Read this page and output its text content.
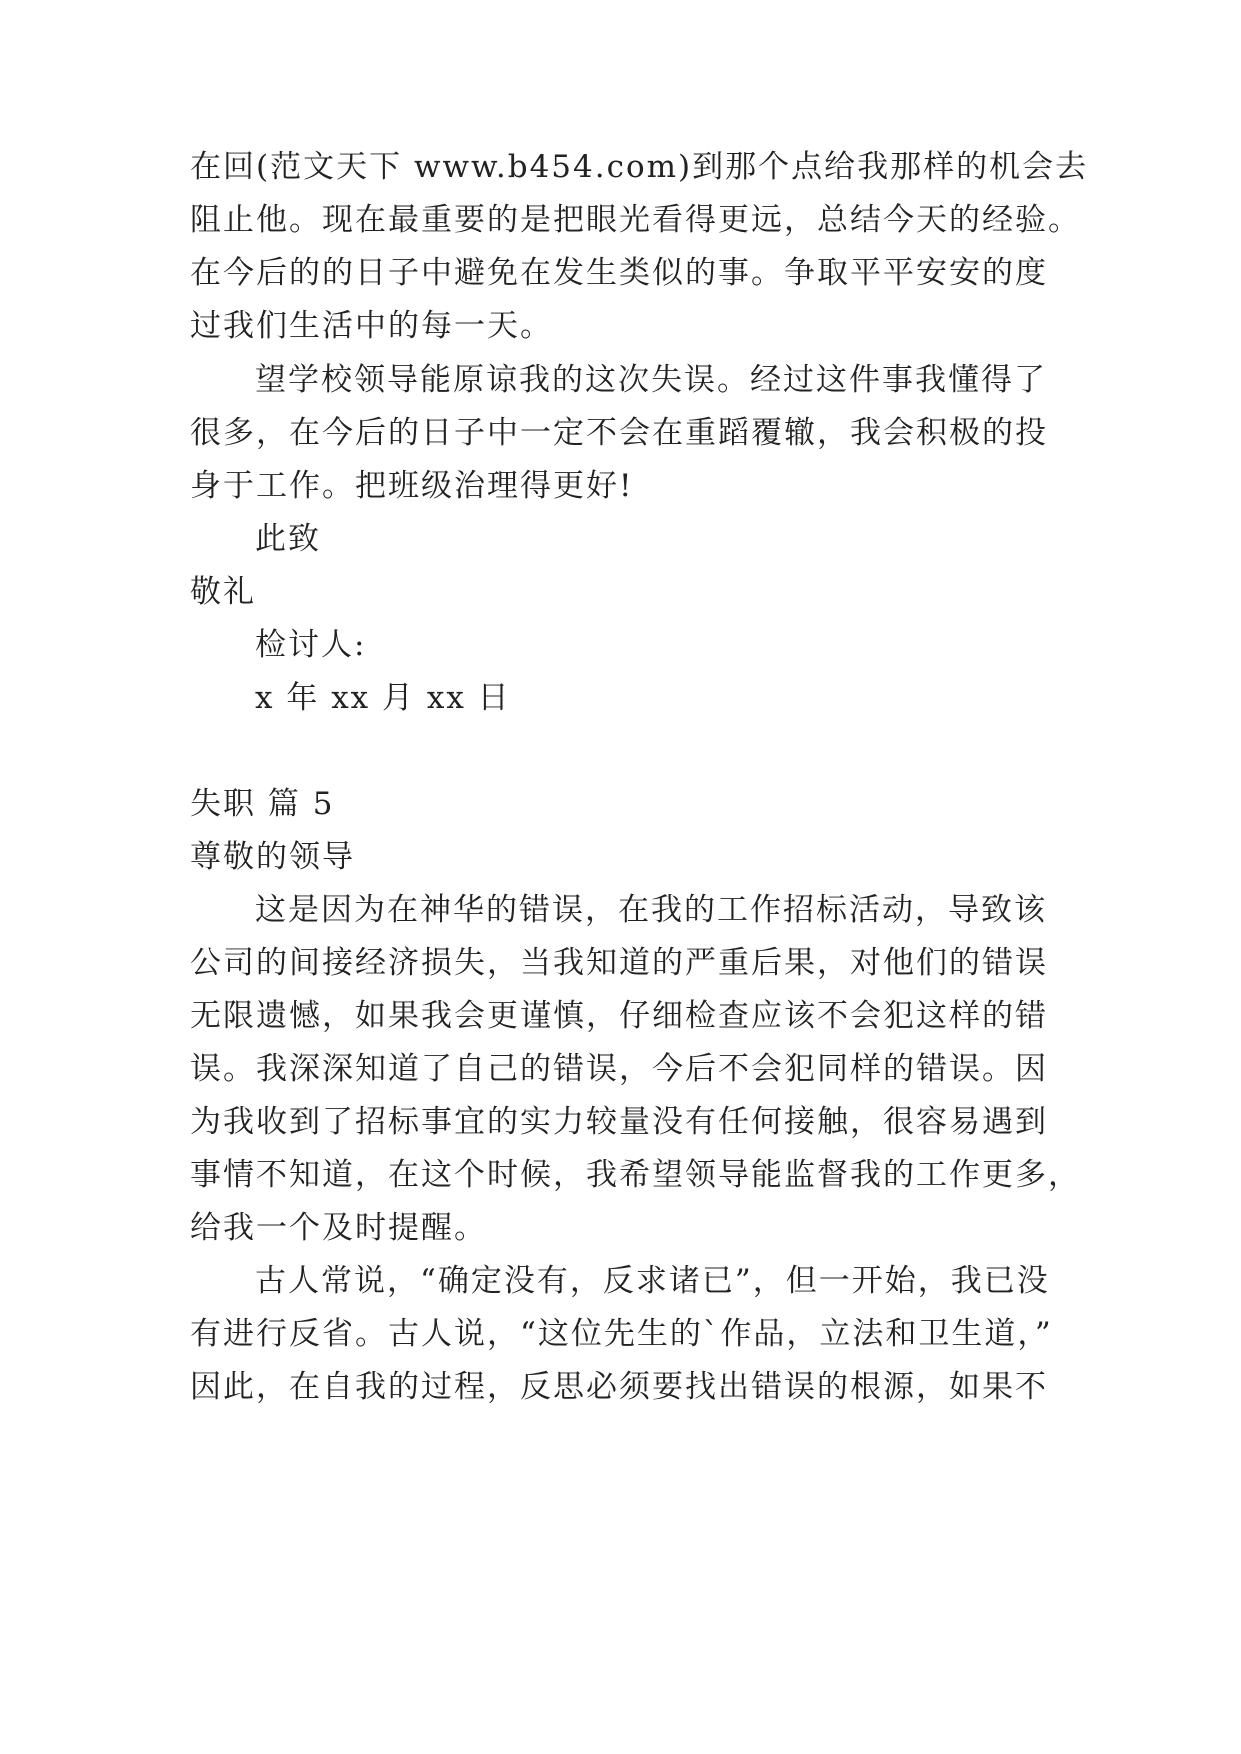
在回(范文天下 www.b454.com)到那个点给我那样的机会去
阻止他。现在最重要的是把眼光看得更远，总结今天的经验。
在今后的的日子中避免在发生类似的事。争取平平安安的度
过我们生活中的每一天。
望学校领导能原谅我的这次失误。经过这件事我懂得了
很多，在今后的日子中一定不会在重蹈覆辙，我会积极的投
身于工作。把班级治理得更好!
此致
敬礼
检讨人:
x 年 xx 月 xx 日
失职 篇 5
尊敬的领导
这是因为在神华的错误，在我的工作招标活动，导致该
公司的间接经济损失，当我知道的严重后果，对他们的错误
无限遗憾，如果我会更谨慎，仔细检查应该不会犯这样的错
误。我深深知道了自己的错误，今后不会犯同样的错误。因
为我收到了招标事宜的实力较量没有任何接触，很容易遇到
事情不知道，在这个时候，我希望领导能监督我的工作更多，
给我一个及时提醒。
古人常说，“确定没有，反求诸已”，但一开始，我已没
有进行反省。古人说，“这位先生的`作品，立法和卫生道，”
因此，在自我的过程，反思必须要找出错误的根源，如果不
